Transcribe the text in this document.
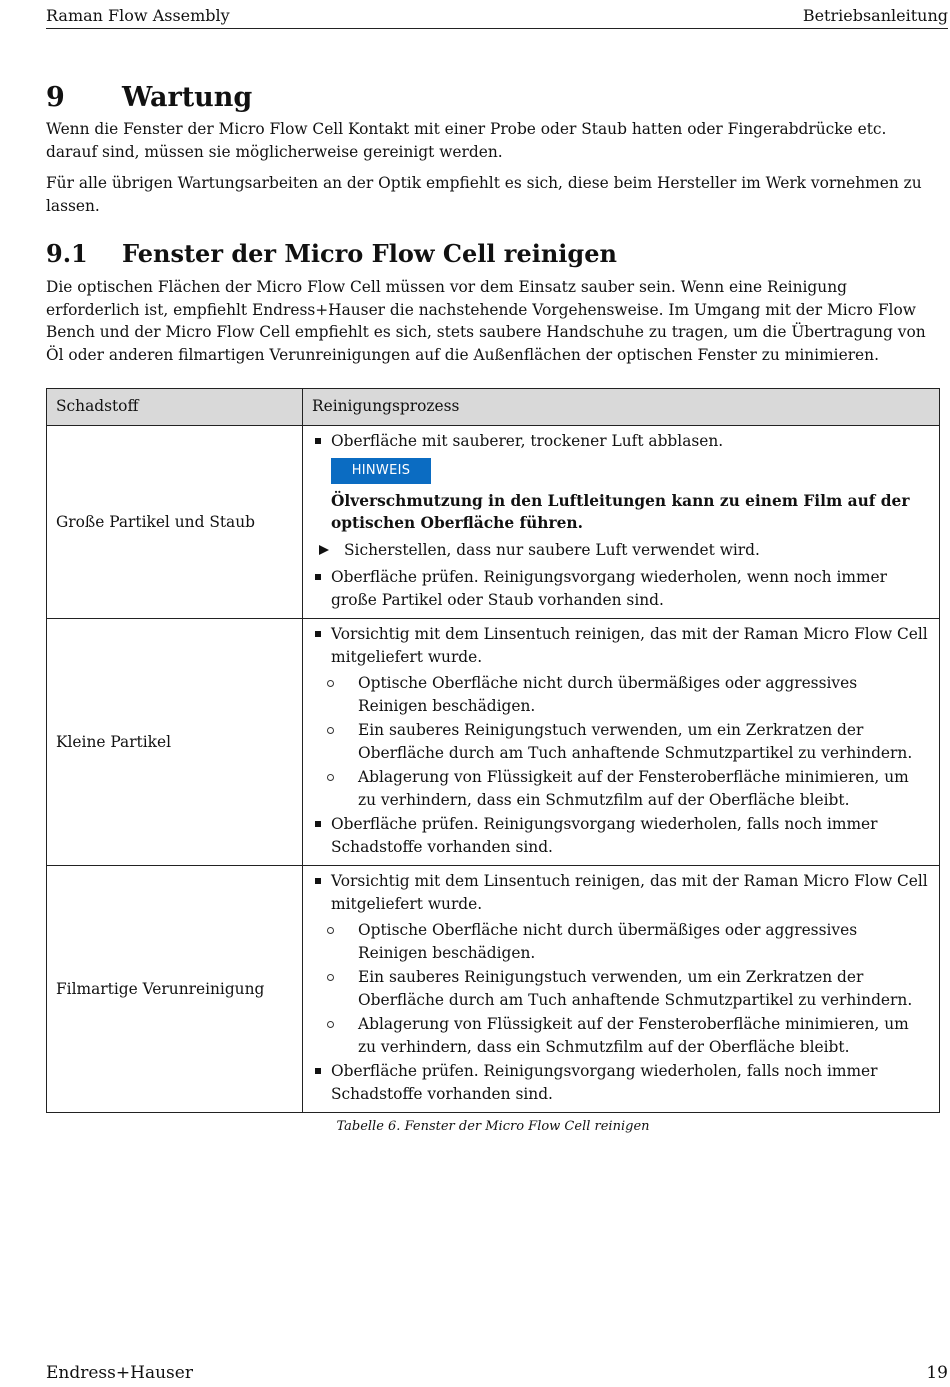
Raman Flow Assembly	Betriebsanleitung
9	Wartung

Wenn die Fenster der Micro Flow Cell Kontakt mit einer Probe oder Staub hatten oder Fingerabdrücke etc. darauf sind, müssen sie möglicherweise gereinigt werden.

Für alle übrigen Wartungsarbeiten an der Optik empfiehlt es sich, diese beim Hersteller im Werk vornehmen zu lassen.

9.1	Fenster der Micro Flow Cell reinigen

Die optischen Flächen der Micro Flow Cell müssen vor dem Einsatz sauber sein. Wenn eine Reinigung erforderlich ist, empfiehlt Endress+Hauser die nachstehende Vorgehensweise. Im Umgang mit der Micro Flow Bench und der Micro Flow Cell empfiehlt es sich, stets saubere Handschuhe zu tragen, um die Übertragung von Öl oder anderen filmartigen Verunreinigungen auf die Außenflächen der optischen Fenster zu minimieren.

Schadstoff	Reinigungsprozess
Große Partikel und Staub	Oberfläche mit sauberer, trockener Luft abblasen.
HINWEIS
Ölverschmutzung in den Luftleitungen kann zu einem Film auf der optischen Oberfläche führen.
Sicherstellen, dass nur saubere Luft verwendet wird.
Oberfläche prüfen. Reinigungsvorgang wiederholen, wenn noch immer große Partikel oder Staub vorhanden sind.

Kleine Partikel	Vorsichtig mit dem Linsentuch reinigen, das mit der Raman Micro Flow Cell mitgeliefert wurde.
Optische Oberfläche nicht durch übermäßiges oder aggressives Reinigen beschädigen.
Ein sauberes Reinigungstuch verwenden, um ein Zerkratzen der Oberfläche durch am Tuch anhaftende Schmutzpartikel zu verhindern.
Ablagerung von Flüssigkeit auf der Fensteroberfläche minimieren, um zu verhindern, dass ein Schmutzfilm auf der Oberfläche bleibt.
Oberfläche prüfen. Reinigungsvorgang wiederholen, falls noch immer Schadstoffe vorhanden sind.

Filmartige Verunreinigung	Vorsichtig mit dem Linsentuch reinigen, das mit der Raman Micro Flow Cell mitgeliefert wurde.
Optische Oberfläche nicht durch übermäßiges oder aggressives Reinigen beschädigen.
Ein sauberes Reinigungstuch verwenden, um ein Zerkratzen der Oberfläche durch am Tuch anhaftende Schmutzpartikel zu verhindern.
Ablagerung von Flüssigkeit auf der Fensteroberfläche minimieren, um zu verhindern, dass ein Schmutzfilm auf der Oberfläche bleibt.
Oberfläche prüfen. Reinigungsvorgang wiederholen, falls noch immer Schadstoffe vorhanden sind.
Tabelle 6. Fenster der Micro Flow Cell reinigen
Endress+Hauser	19
